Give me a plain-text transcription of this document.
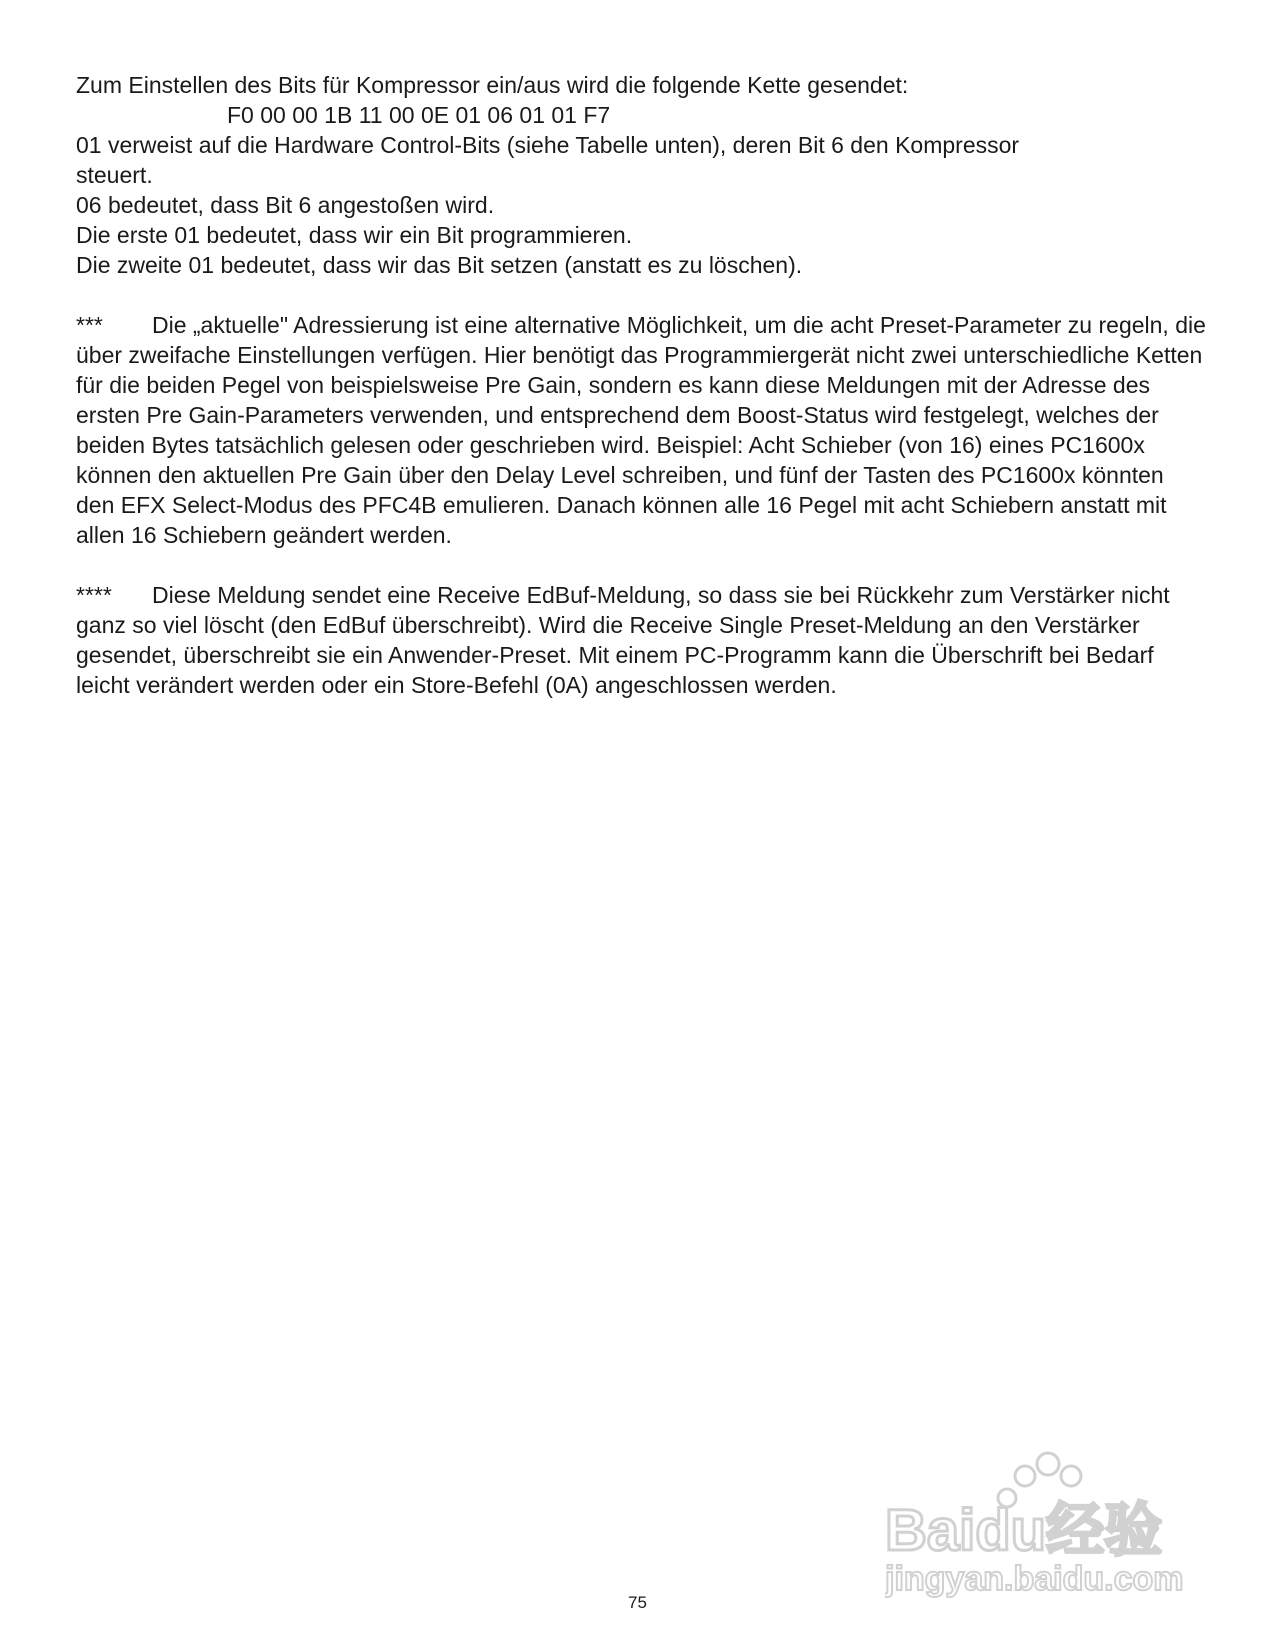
Zum Einstellen des Bits für Kompressor ein/aus wird die folgende Kette gesendet:
F0 00 00 1B 11 00 0E 01 06 01 01 F7
01 verweist auf die Hardware Control-Bits (siehe Tabelle unten), deren Bit 6 den Kompressor
steuert.
06 bedeutet, dass Bit 6 angestoßen wird.
Die erste 01 bedeutet, dass wir ein Bit programmieren.
Die zweite 01 bedeutet, dass wir das Bit setzen (anstatt es zu löschen).
*** Die „aktuelle" Adressierung ist eine alternative Möglichkeit, um die acht Preset-Parameter zu regeln, die über zweifache Einstellungen verfügen. Hier benötigt das Programmiergerät nicht zwei unterschiedliche Ketten für die beiden Pegel von beispielsweise Pre Gain, sondern es kann diese Meldungen mit der Adresse des ersten Pre Gain-Parameters verwenden, und entsprechend dem Boost-Status wird festgelegt, welches der beiden Bytes tatsächlich gelesen oder geschrieben wird. Beispiel: Acht Schieber (von 16) eines PC1600x können den aktuellen Pre Gain über den Delay Level schreiben, und fünf der Tasten des PC1600x könnten den EFX Select-Modus des PFC4B emulieren. Danach können alle 16 Pegel mit acht Schiebern anstatt mit allen 16 Schiebern geändert werden.
**** Diese Meldung sendet eine Receive EdBuf-Meldung, so dass sie bei Rückkehr zum Verstärker nicht ganz so viel löscht (den EdBuf überschreibt). Wird die Receive Single Preset-Meldung an den Verstärker gesendet, überschreibt sie ein Anwender-Preset. Mit einem PC-Programm kann die Überschrift bei Bedarf leicht verändert werden oder ein Store-Befehl (0A) angeschlossen werden.
Baidu经验
jingyan.baidu.com
75
